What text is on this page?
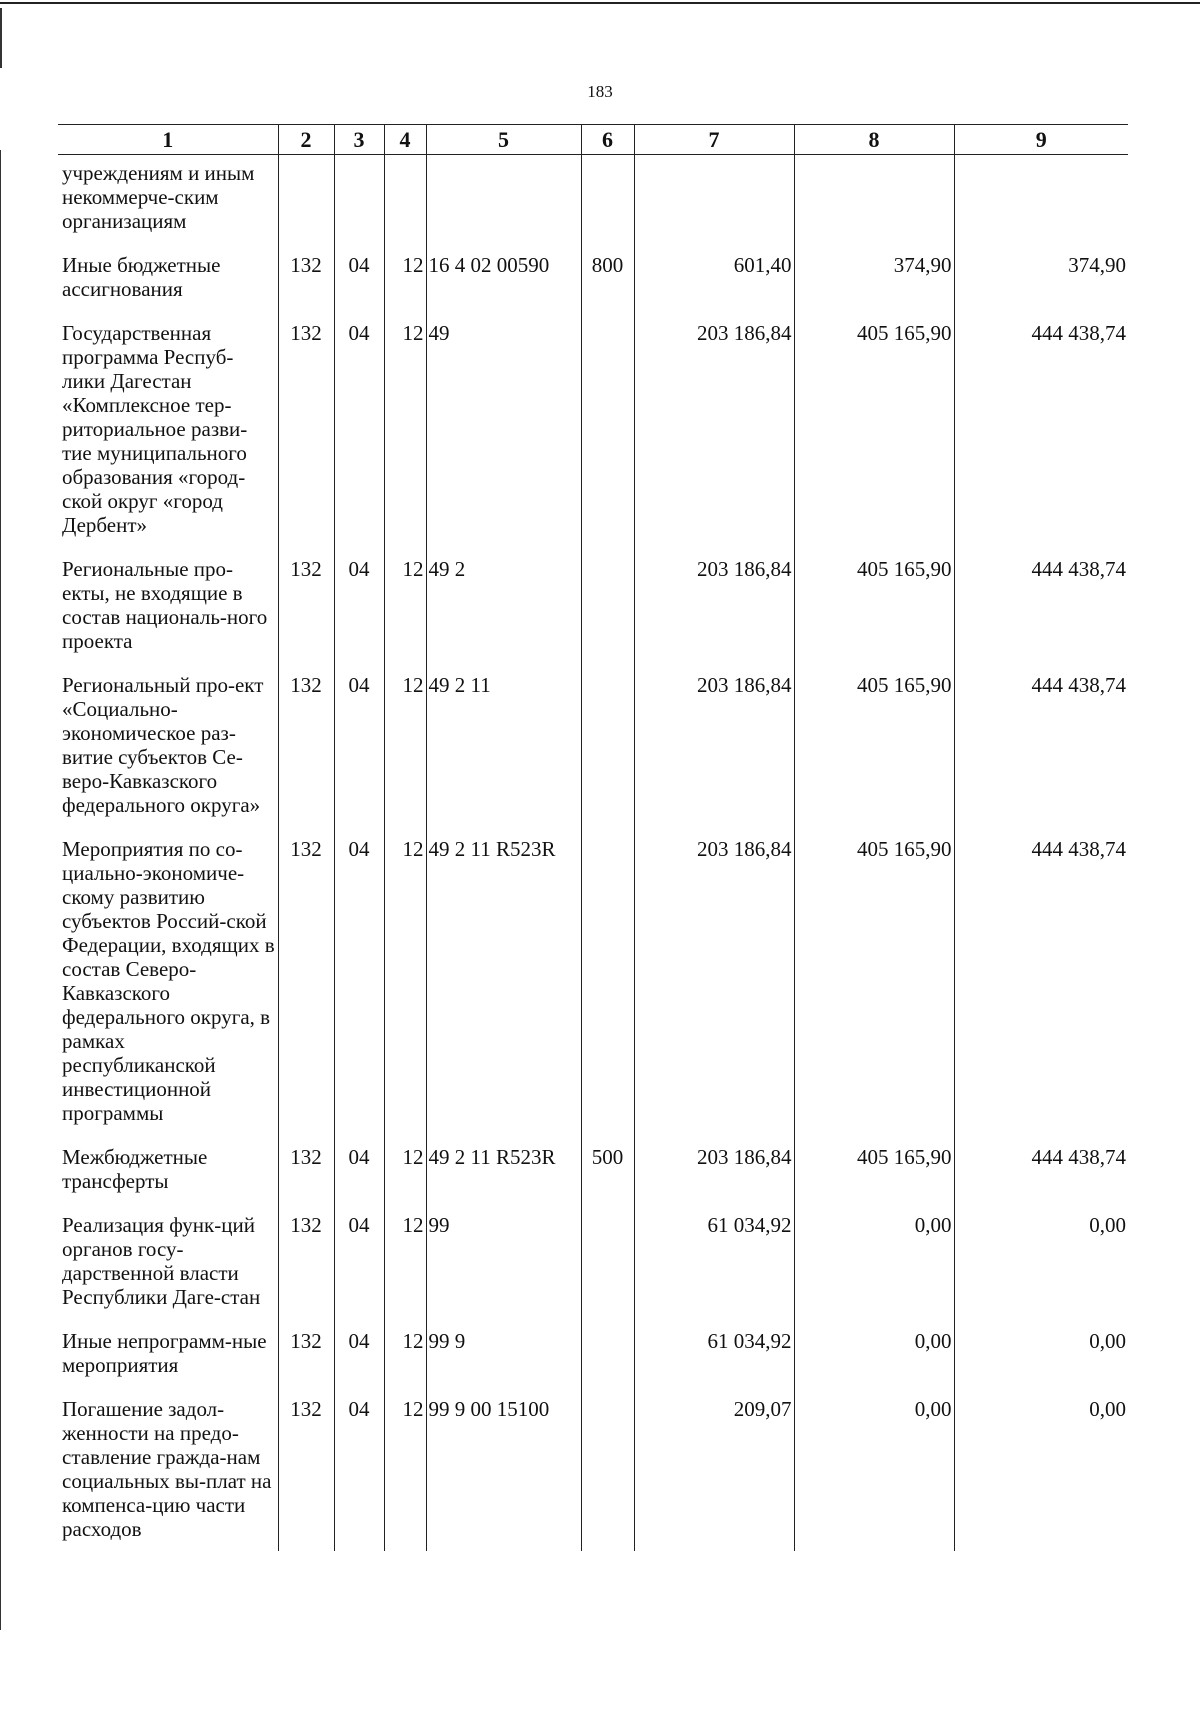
183
1	2	3	4	5	6	7	8	9
учреждениям и иным некоммерче-ским организациям								
Иные бюджетные ассигнования	132	04	12	16 4 02 00590	800	601,40	374,90	374,90
Государственная программа Респуб-лики Дагестан «Комплексное тер-риториальное разви-тие муниципального образования «город-ской округ «город Дербент»	132	04	12	49		203 186,84	405 165,90	444 438,74
Региональные про-екты, не входящие в состав националь-ного проекта	132	04	12	49 2		203 186,84	405 165,90	444 438,74
Региональный про-ект «Социально-экономическое раз-витие субъектов Се-веро-Кавказского федерального округа»	132	04	12	49 2 11		203 186,84	405 165,90	444 438,74
Мероприятия по со-циально-экономиче-скому развитию субъектов Россий-ской Федерации, входящих в состав Северо-Кавказского федерального округа, в рамках республиканской инвестиционной программы	132	04	12	49 2 11 R523R		203 186,84	405 165,90	444 438,74
Межбюджетные трансферты	132	04	12	49 2 11 R523R	500	203 186,84	405 165,90	444 438,74
Реализация функ-ций органов госу-дарственной власти Республики Даге-стан	132	04	12	99		61 034,92	0,00	0,00
Иные непрограмм-ные мероприятия	132	04	12	99 9		61 034,92	0,00	0,00
Погашение задол-женности на предо-ставление гражда-нам социальных вы-плат на компенса-цию части расходов	132	04	12	99 9 00 15100		209,07	0,00	0,00
